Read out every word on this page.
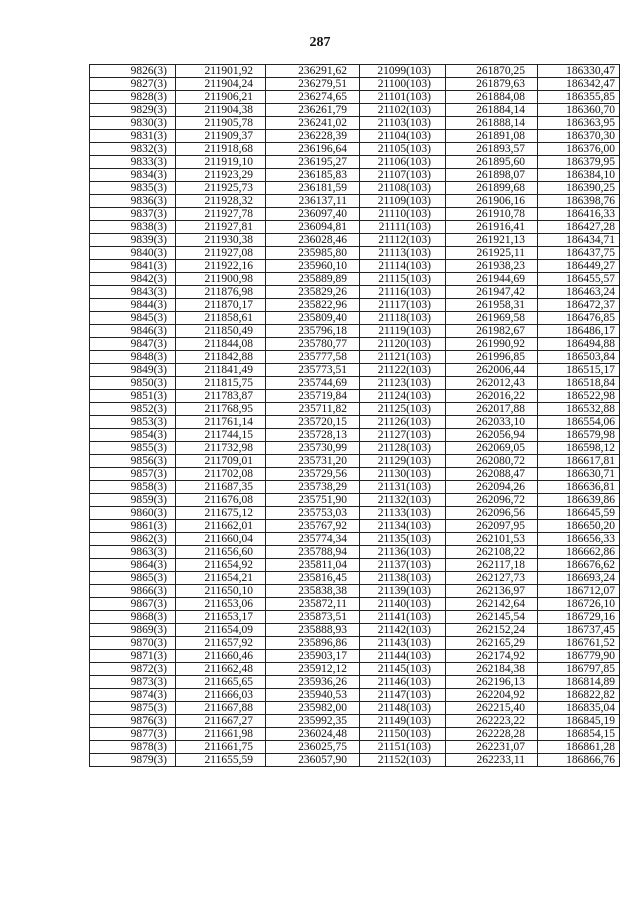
287
9826(3)	211901,92	236291,62	21099(103)	261870,25	186330,47
9827(3)	211904,24	236279,51	21100(103)	261879,63	186342,47
9828(3)	211906,21	236274,65	21101(103)	261884,08	186355,85
9829(3)	211904,38	236261,79	21102(103)	261884,14	186360,70
9830(3)	211905,78	236241,02	21103(103)	261888,14	186363,95
9831(3)	211909,37	236228,39	21104(103)	261891,08	186370,30
9832(3)	211918,68	236196,64	21105(103)	261893,57	186376,00
9833(3)	211919,10	236195,27	21106(103)	261895,60	186379,95
9834(3)	211923,29	236185,83	21107(103)	261898,07	186384,10
9835(3)	211925,73	236181,59	21108(103)	261899,68	186390,25
9836(3)	211928,32	236137,11	21109(103)	261906,16	186398,76
9837(3)	211927,78	236097,40	21110(103)	261910,78	186416,33
9838(3)	211927,81	236094,81	21111(103)	261916,41	186427,28
9839(3)	211930,38	236028,46	21112(103)	261921,13	186434,71
9840(3)	211927,08	235985,80	21113(103)	261925,11	186437,75
9841(3)	211922,16	235960,10	21114(103)	261938,23	186449,27
9842(3)	211900,98	235889,89	21115(103)	261944,69	186455,57
9843(3)	211876,98	235829,26	21116(103)	261947,42	186463,24
9844(3)	211870,17	235822,96	21117(103)	261958,31	186472,37
9845(3)	211858,61	235809,40	21118(103)	261969,58	186476,85
9846(3)	211850,49	235796,18	21119(103)	261982,67	186486,17
9847(3)	211844,08	235780,77	21120(103)	261990,92	186494,88
9848(3)	211842,88	235777,58	21121(103)	261996,85	186503,84
9849(3)	211841,49	235773,51	21122(103)	262006,44	186515,17
9850(3)	211815,75	235744,69	21123(103)	262012,43	186518,84
9851(3)	211783,87	235719,84	21124(103)	262016,22	186522,98
9852(3)	211768,95	235711,82	21125(103)	262017,88	186532,88
9853(3)	211761,14	235720,15	21126(103)	262033,10	186554,06
9854(3)	211744,15	235728,13	21127(103)	262056,94	186579,98
9855(3)	211732,98	235730,99	21128(103)	262069,05	186598,12
9856(3)	211709,01	235731,20	21129(103)	262080,72	186617,81
9857(3)	211702,08	235729,56	21130(103)	262088,47	186630,71
9858(3)	211687,35	235738,29	21131(103)	262094,26	186636,81
9859(3)	211676,08	235751,90	21132(103)	262096,72	186639,86
9860(3)	211675,12	235753,03	21133(103)	262096,56	186645,59
9861(3)	211662,01	235767,92	21134(103)	262097,95	186650,20
9862(3)	211660,04	235774,34	21135(103)	262101,53	186656,33
9863(3)	211656,60	235788,94	21136(103)	262108,22	186662,86
9864(3)	211654,92	235811,04	21137(103)	262117,18	186676,62
9865(3)	211654,21	235816,45	21138(103)	262127,73	186693,24
9866(3)	211650,10	235838,38	21139(103)	262136,97	186712,07
9867(3)	211653,06	235872,11	21140(103)	262142,64	186726,10
9868(3)	211653,17	235873,51	21141(103)	262145,54	186729,16
9869(3)	211654,09	235888,93	21142(103)	262152,24	186737,45
9870(3)	211657,92	235896,86	21143(103)	262165,29	186761,52
9871(3)	211660,46	235903,17	21144(103)	262174,92	186779,90
9872(3)	211662,48	235912,12	21145(103)	262184,38	186797,85
9873(3)	211665,65	235936,26	21146(103)	262196,13	186814,89
9874(3)	211666,03	235940,53	21147(103)	262204,92	186822,82
9875(3)	211667,88	235982,00	21148(103)	262215,40	186835,04
9876(3)	211667,27	235992,35	21149(103)	262223,22	186845,19
9877(3)	211661,98	236024,48	21150(103)	262228,28	186854,15
9878(3)	211661,75	236025,75	21151(103)	262231,07	186861,28
9879(3)	211655,59	236057,90	21152(103)	262233,11	186866,76
